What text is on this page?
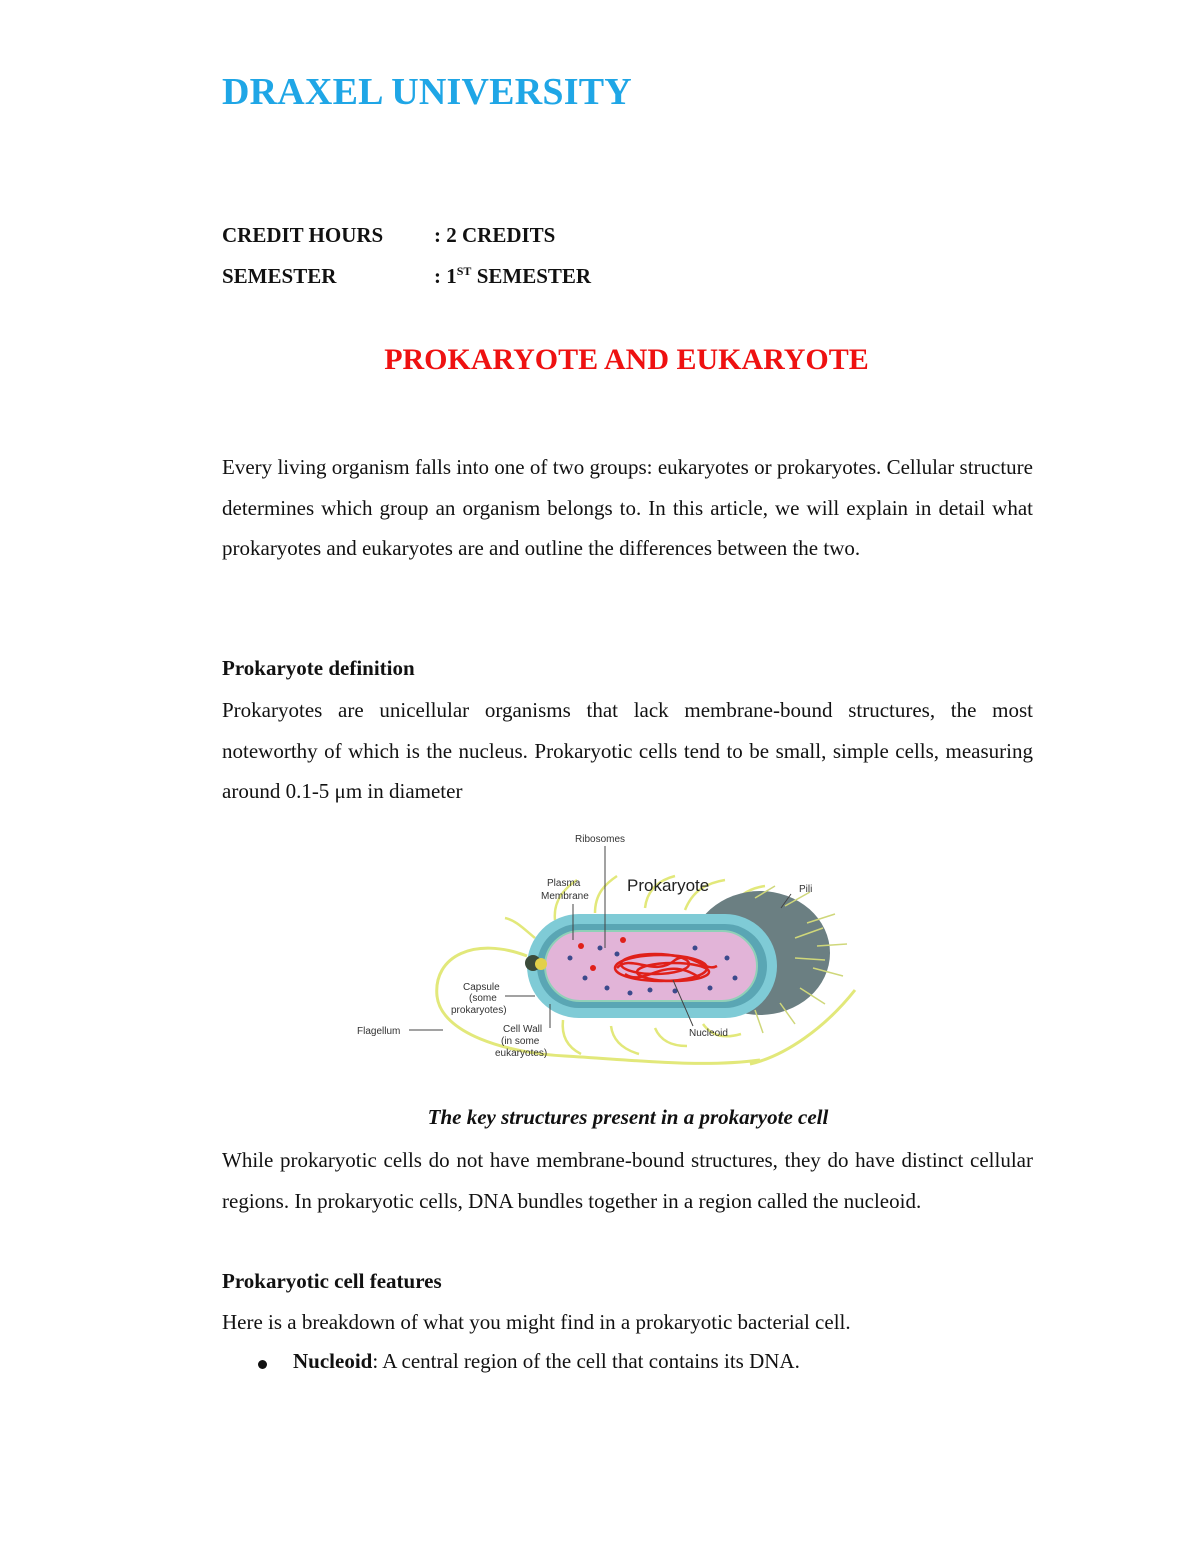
DRAXEL UNIVERSITY
CREDIT HOURS : 2 CREDITS
SEMESTER	: 1ST SEMESTER
PROKARYOTE AND EUKARYOTE
Every living organism falls into one of two groups: eukaryotes or prokaryotes. Cellular structure determines which group an organism belongs to. In this article, we will explain in detail what prokaryotes and eukaryotes are and outline the differences between the two.
Prokaryote definition
Prokaryotes are unicellular organisms that lack membrane-bound structures, the most noteworthy of which is the nucleus. Prokaryotic cells tend to be small, simple cells, measuring around 0.1-5 μm in diameter
Prokaryote
Ribosomes
Plasma
Membrane
Pili
Capsule
(some
prokaryotes)
Flagellum	Cell Wall
(in some
eukaryotes)
Nucleoid
The key structures present in a prokaryote cell
While prokaryotic cells do not have membrane-bound structures, they do have distinct cellular regions. In prokaryotic cells, DNA bundles together in a region called the nucleoid.
Prokaryotic cell features
Here is a breakdown of what you might find in a prokaryotic bacterial cell.
Nucleoid: A central region of the cell that contains its DNA.
